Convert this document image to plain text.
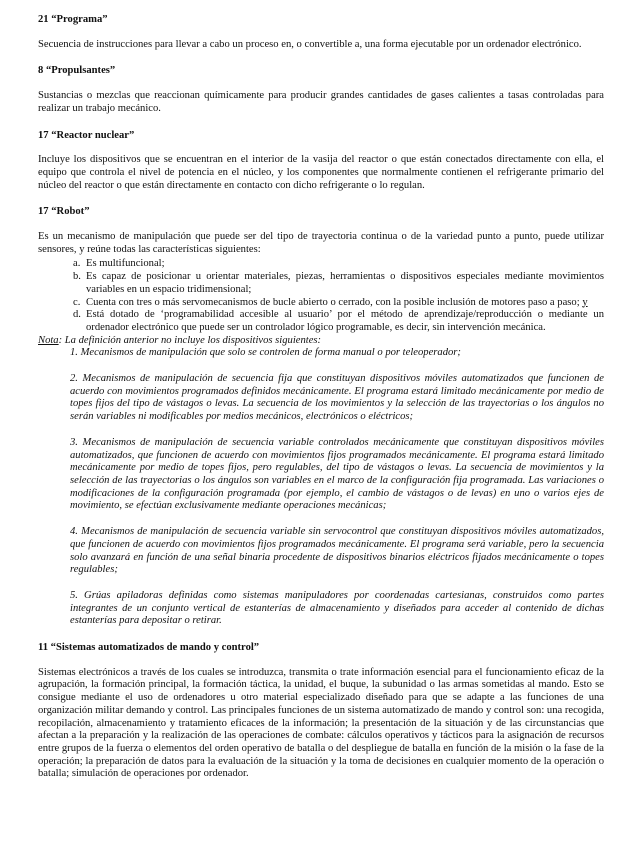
21 “Programa”

Secuencia de instrucciones para llevar a cabo un proceso en, o convertible a, una forma ejecutable por un ordenador electrónico.

8 “Propulsantes”

Sustancias o mezclas que reaccionan químicamente para producir grandes cantidades de gases calientes a tasas controladas para realizar un trabajo mecánico.

17 “Reactor nuclear”

Incluye los dispositivos que se encuentran en el interior de la vasija del reactor o que están conectados directamente con ella, el equipo que controla el nivel de potencia en el núcleo, y los componentes que normalmente contienen el refrigerante primario del núcleo del reactor o que están directamente en contacto con dicho refrigerante o lo regulan.

17 “Robot”

Es un mecanismo de manipulación que puede ser del tipo de trayectoria continua o de la variedad punto a punto, puede utilizar sensores, y reúne todas las características siguientes:

a. Es multifuncional;
b. Es capaz de posicionar u orientar materiales, piezas, herramientas o dispositivos especiales mediante movimientos variables en un espacio tridimensional;
c. Cuenta con tres o más servomecanismos de bucle abierto o cerrado, con la posible inclusión de motores paso a paso; y
d. Está dotado de ‘programabilidad accesible al usuario’ por el método de aprendizaje/reproducción o mediante un ordenador electrónico que puede ser un controlador lógico programable, es decir, sin intervención mecánica.

Nota: La definición anterior no incluye los dispositivos siguientes:

1. Mecanismos de manipulación que solo se controlen de forma manual o por teleoperador;

2. Mecanismos de manipulación de secuencia fija que constituyan dispositivos móviles automatizados que funcionen de acuerdo con movimientos programados definidos mecánicamente. El programa estará limitado mecánicamente por medio de topes fijos del tipo de vástagos o levas. La secuencia de los movimientos y la selección de las trayectorias o los ángulos no serán variables ni modificables por medios mecánicos, electrónicos o eléctricos;

3. Mecanismos de manipulación de secuencia variable controlados mecánicamente que constituyan dispositivos móviles automatizados, que funcionen de acuerdo con movimientos fijos programados mecánicamente. El programa estará limitado mecánicamente por medio de topes fijos, pero regulables, del tipo de vástagos o levas. La secuencia de movimientos y la selección de las trayectorias o los ángulos son variables en el marco de la configuración fija programada. Las variaciones o modificaciones de la configuración programada (por ejemplo, el cambio de vástagos o de levas) en uno o varios ejes de movimiento, se efectúan exclusivamente mediante operaciones mecánicas;

4. Mecanismos de manipulación de secuencia variable sin servocontrol que constituyan dispositivos móviles automatizados, que funcionen de acuerdo con movimientos fijos programados mecánicamente. El programa será variable, pero la secuencia solo avanzará en función de una señal binaria procedente de dispositivos binarios eléctricos fijados mecánicamente o topes regulables;

5. Grúas apiladoras definidas como sistemas manipuladores por coordenadas cartesianas, construidos como partes integrantes de un conjunto vertical de estanterías de almacenamiento y diseñados para acceder al contenido de dichas estanterías para depositar o retirar.

11 “Sistemas automatizados de mando y control”

Sistemas electrónicos a través de los cuales se introduzca, transmita o trate información esencial para el funcionamiento eficaz de la agrupación, la formación principal, la formación táctica, la unidad, el buque, la subunidad o las armas sometidas al mando. Esto se consigue mediante el uso de ordenadores u otro material especializado diseñado para que se adapte a las funciones de una organización militar demando y control. Las principales funciones de un sistema automatizado de mando y control son: una recogida, recopilación, almacenamiento y tratamiento eficaces de la información; la presentación de la situación y de las circunstancias que afectan a la preparación y la realización de las operaciones de combate: cálculos operativos y tácticos para la asignación de recursos entre grupos de la fuerza o elementos del orden operativo de batalla o del despliegue de batalla en función de la misión o la fase de la operación; la preparación de datos para la evaluación de la situación y la toma de decisiones en cualquier momento de la operación o batalla; simulación de operaciones por ordenador.
